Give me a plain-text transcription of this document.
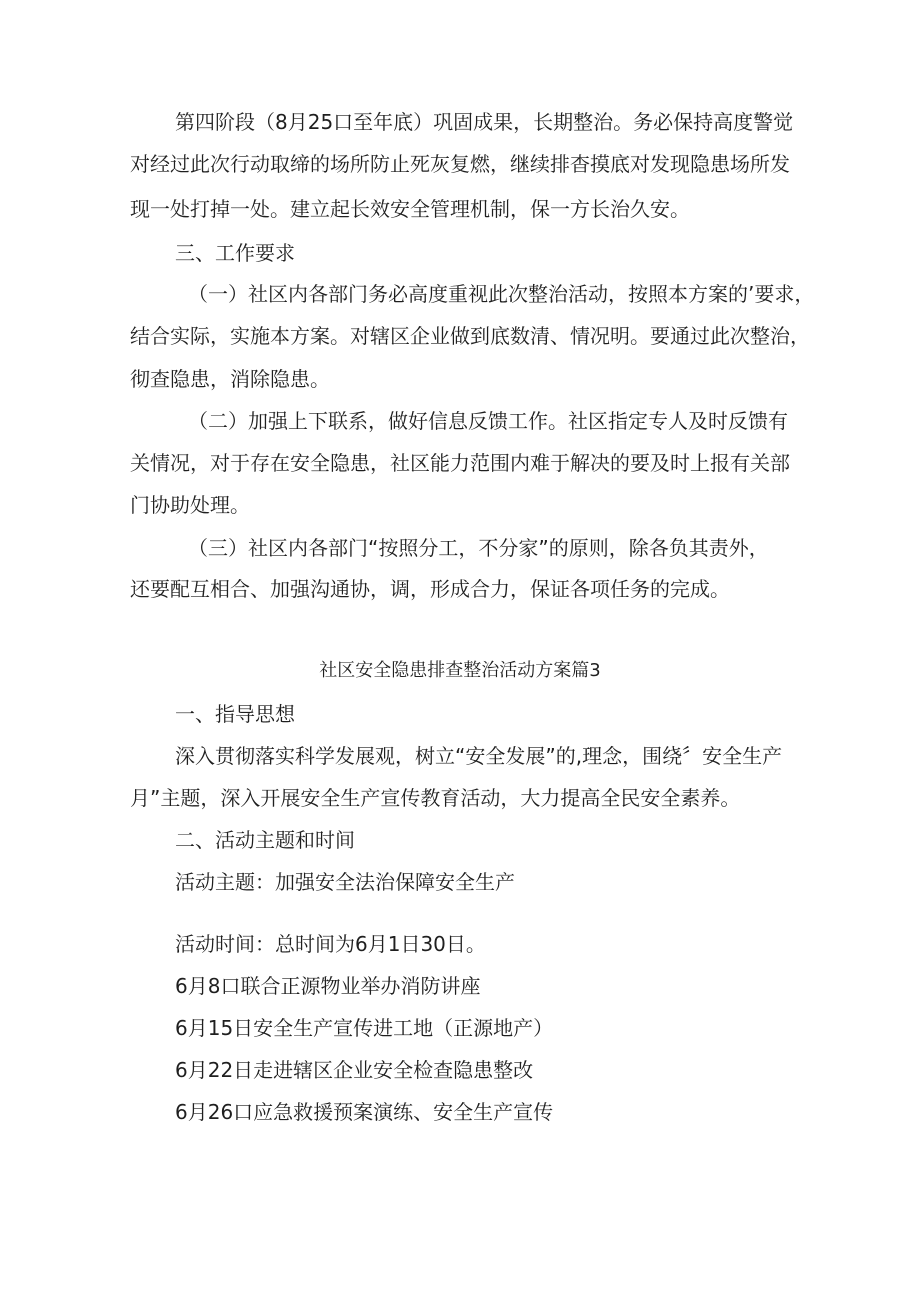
第四阶段（8月25口至年底）巩固成果，长期整治。务必保持高度警觉
对经过此次行动取缔的场所防止死灰复燃，继续排杳摸底对发现隐患场所发
现一处打掉一处。建立起长效安全管理机制，保一方长治久安。
三、工作要求
（一）社区内各部门务必高度重视此次整治活动，按照本方案的’要求，
结合实际，实施本方案。对辖区企业做到底数清、情况明。要通过此次整治，
彻查隐患，消除隐患。
（二）加强上下联系，做好信息反馈工作。社区指定专人及时反馈有
关情况，对于存在安全隐患，社区能力范围内难于解决的要及时上报有关部
门协助处理。
（三）社区内各部门“按照分工，不分家”的原则，除各负其责外，
还要配互相合、加强沟通协，调，形成合力，保证各项任务的完成。
社区安全隐患排查整治活动方案篇3
一、指导思想
深入贯彻落实科学发展观，树立“安全发展”的,理念，围绕〞安全生产
月”主题，深入开展安全生产宣传教育活动，大力提高全民安全素养。
二、活动主题和时间
活动主题：加强安全法治保障安全生产
活动时间：总时间为6月1日30日。
6月8口联合正源物业举办消防讲座
6月15日安全生产宣传进工地（正源地产）
6月22日走进辖区企业安全检查隐患整改
6月26口应急救援预案演练、安全生产宣传
